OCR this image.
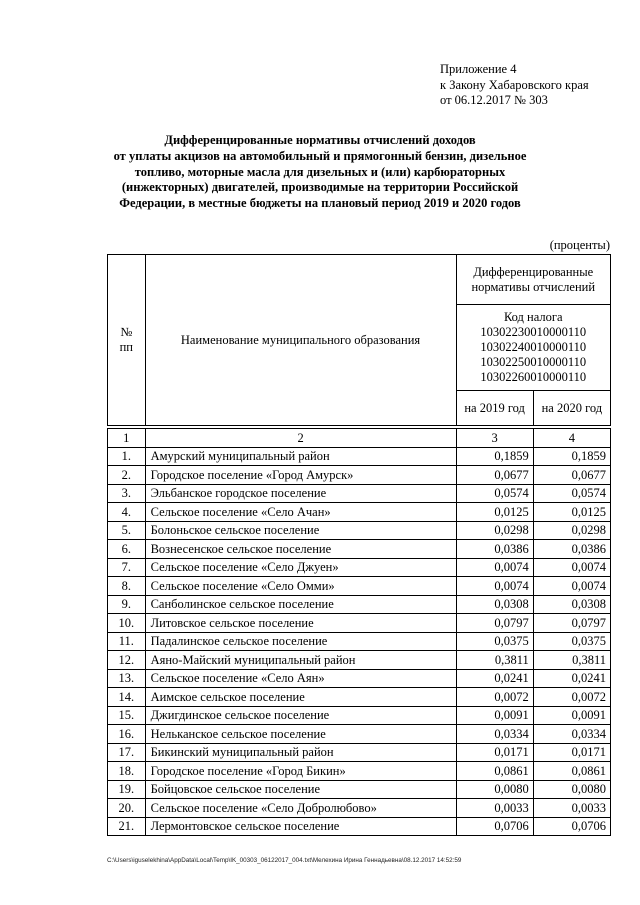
Приложение 4
к Закону Хабаровского края
от 06.12.2017 № 303
Дифференцированные нормативы отчислений доходов
от уплаты акцизов на автомобильный и прямогонный бензин, дизельное
топливо, моторные масла для дизельных и (или) карбюраторных
(инжекторных) двигателей, производимые на территории Российской
Федерации, в местные бюджеты на плановый период 2019 и 2020 годов
(проценты)
№
пп	Наименование муниципального образования	Дифференцированные нормативы отчислений	

		Код налога
10302230010000110
10302240010000110
10302250010000110
10302260010000110	

		на 2019 год	на 2020 год
1	2	3	4
1.	Амурский муниципальный район	0,1859	0,1859
2.	Городское поселение «Город Амурск»	0,0677	0,0677
3.	Эльбанское городское поселение	0,0574	0,0574
4.	Сельское поселение «Село Ачан»	0,0125	0,0125
5.	Болоньское сельское поселение	0,0298	0,0298
6.	Вознесенское сельское поселение	0,0386	0,0386
7.	Сельское поселение «Село Джуен»	0,0074	0,0074
8.	Сельское поселение «Село Омми»	0,0074	0,0074
9.	Санболинское сельское поселение	0,0308	0,0308
10.	Литовское сельское поселение	0,0797	0,0797
11.	Падалинское сельское поселение	0,0375	0,0375
12.	Аяно-Майский муниципальный район	0,3811	0,3811
13.	Сельское поселение «Село Аян»	0,0241	0,0241
14.	Аимское сельское поселение	0,0072	0,0072
15.	Джигдинское сельское поселение	0,0091	0,0091
16.	Нельканское сельское поселение	0,0334	0,0334
17.	Бикинский муниципальный район	0,0171	0,0171
18.	Городское поселение «Город Бикин»	0,0861	0,0861
19.	Бойцовское сельское поселение	0,0080	0,0080
20.	Сельское поселение «Село Добролюбово»	0,0033	0,0033
21.	Лермонтовское сельское поселение	0,0706	0,0706
C:\Users\iguselekhina\AppData\Local\Temp\IK_00303_06122017_004.txt\Мелехина Ирина Геннадьевна\08.12.2017 14:52:59
